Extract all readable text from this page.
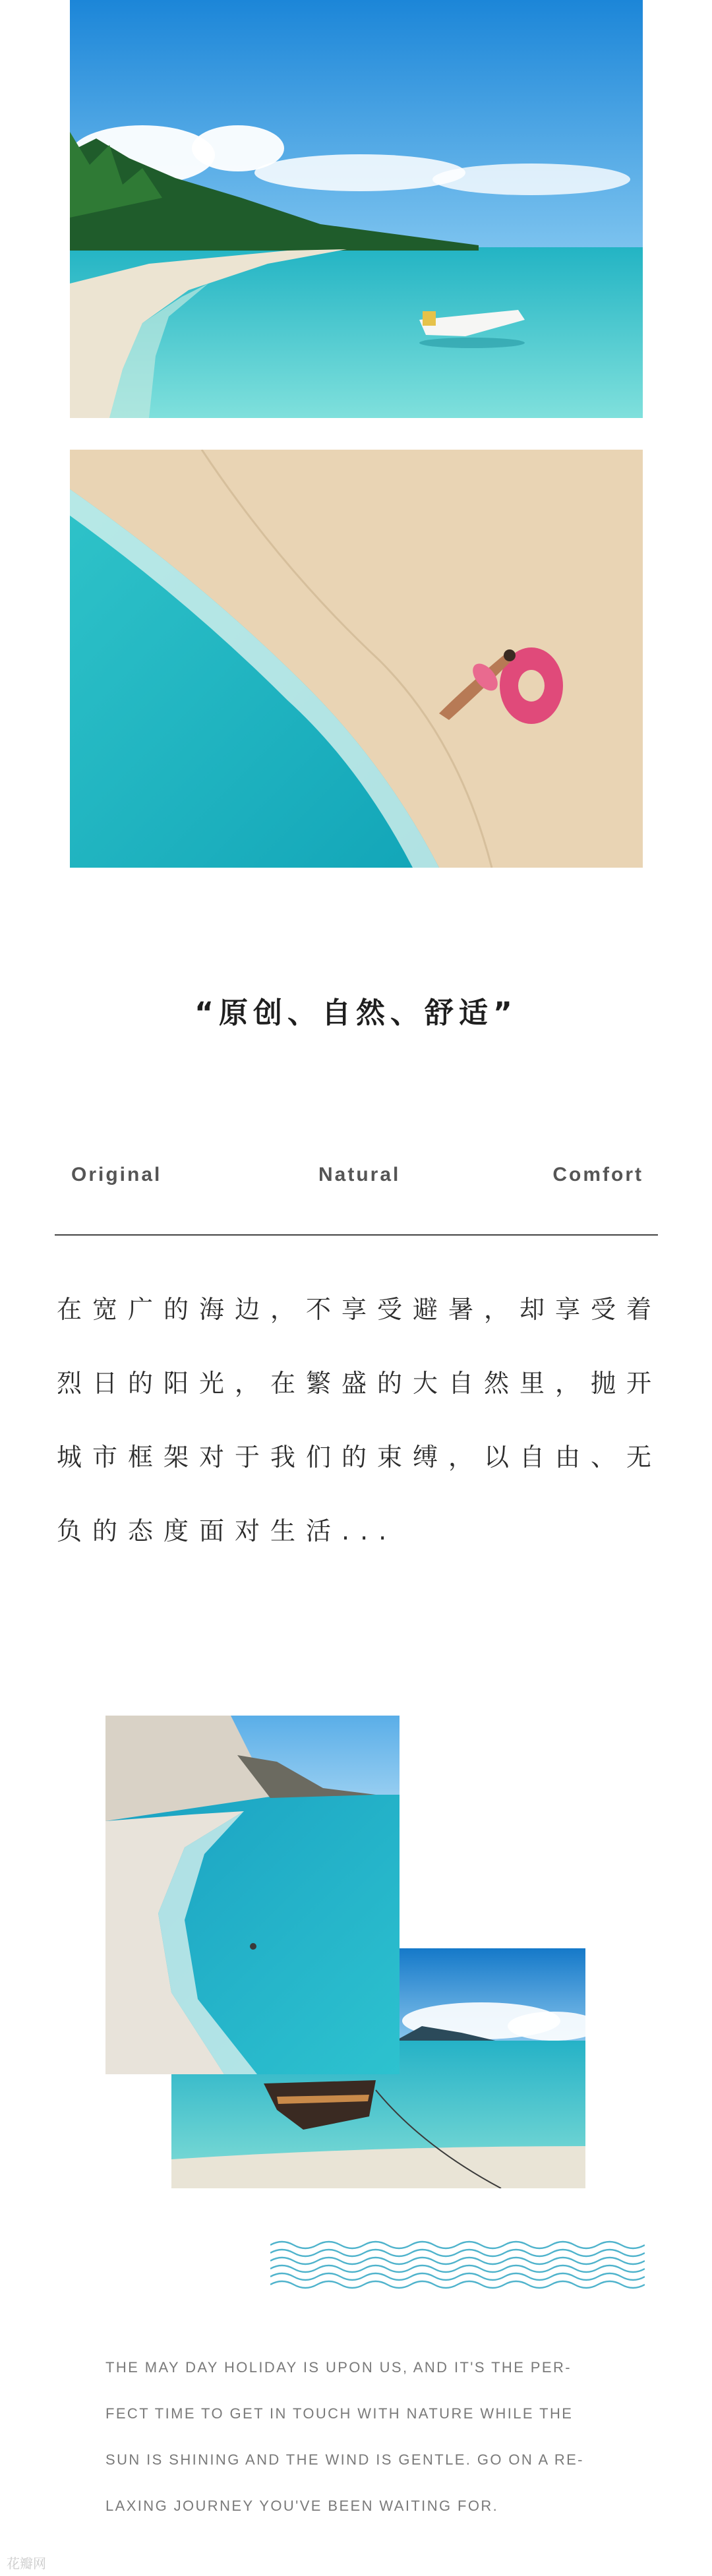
“原创、自然、舒适”
Original	Natural	Comfort
在宽广的海边，不享受避暑，却享受着
烈日的阳光，在繁盛的大自然里，抛开
城市框架对于我们的束缚，以自由、无
负的态度面对生活...
THE MAY DAY HOLIDAY IS UPON US, AND IT'S THE PER-
FECT TIME TO GET IN TOUCH WITH NATURE WHILE THE
SUN IS SHINING AND THE WIND IS GENTLE. GO ON A RE-
LAXING JOURNEY YOU'VE BEEN WAITING FOR.
花瓣网
